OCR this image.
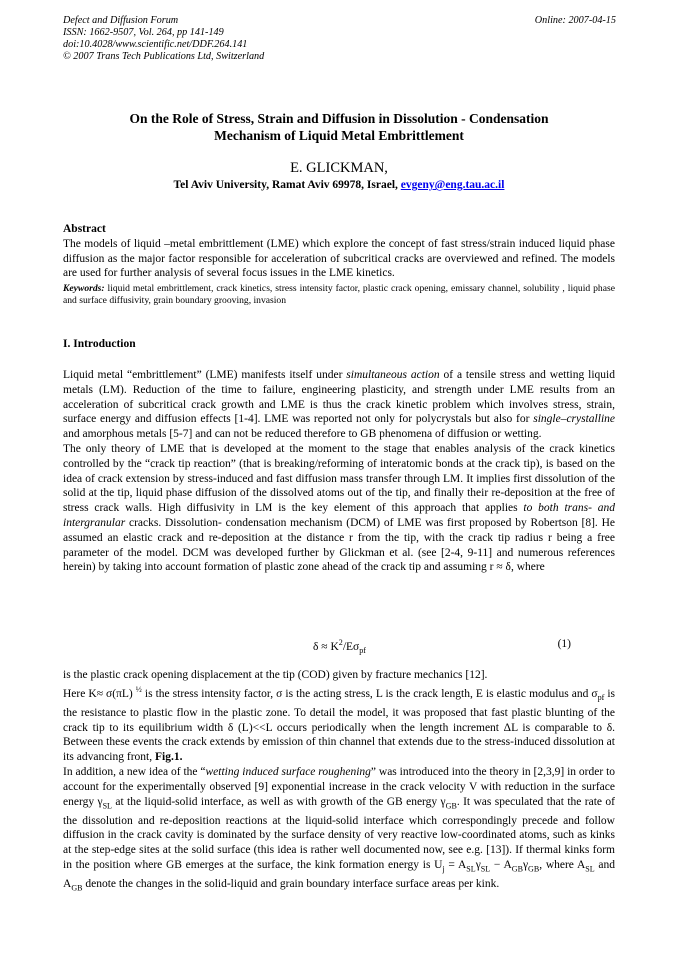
Defect and Diffusion Forum
ISSN: 1662-9507, Vol. 264, pp 141-149
doi:10.4028/www.scientific.net/DDF.264.141
© 2007 Trans Tech Publications Ltd, Switzerland
Online: 2007-04-15
On the Role of Stress, Strain and Diffusion in Dissolution - Condensation
Mechanism of Liquid Metal Embrittlement
E. GLICKMAN,
Tel Aviv University, Ramat Aviv 69978, Israel, evgeny@eng.tau.ac.il
Abstract
The models of liquid –metal embrittlement (LME) which explore the concept of fast stress/strain induced liquid phase diffusion as the major factor responsible for acceleration of subcritical cracks are overviewed and refined. The models are used for further analysis of several focus issues in the LME kinetics.
Keywords: liquid metal embrittlement, crack kinetics, stress intensity factor, plastic crack opening, emissary channel, solubility , liquid phase and surface diffusivity, grain boundary grooving, invasion
I. Introduction
Liquid metal “embrittlement” (LME) manifests itself under simultaneous action of a tensile stress and wetting liquid metals (LM). Reduction of the time to failure, engineering plasticity, and strength under LME results from an acceleration of subcritical crack growth and LME is thus the crack kinetic problem which involves stress, strain, surface energy and diffusion effects [1-4]. LME was reported not only for polycrystals but also for single–crystalline and amorphous metals [5-7] and can not be reduced therefore to GB phenomena of diffusion or wetting.
The only theory of LME that is developed at the moment to the stage that enables analysis of the crack kinetics controlled by the “crack tip reaction” (that is breaking/reforming of interatomic bonds at the crack tip), is based on the idea of crack extension by stress-induced and fast diffusion mass transfer through LM. It implies first dissolution of the solid at the tip, liquid phase diffusion of the dissolved atoms out of the tip, and finally their re-deposition at the free of stress crack walls. High diffusivity in LM is the key element of this approach that applies to both trans- and intergranular cracks. Dissolution- condensation mechanism (DCM) of LME was first proposed by Robertson [8]. He assumed an elastic crack and re-deposition at the distance r from the tip, with the crack tip radius r being a free parameter of the model. DCM was developed further by Glickman et al. (see [2-4, 9-11] and numerous references herein) by taking into account formation of plastic zone ahead of the crack tip and assuming r ≈ δ, where
$\delta \approx K^2/E\sigma_{pf}$
(1)
is the plastic crack opening displacement at the tip (COD) given by fracture mechanics [12].
Here K≈ σ(πL) $^{\frac{1}{2}}$ is the stress intensity factor, σ is the acting stress, L is the crack length, E is elastic modulus and $\sigma_{pf}$ is the resistance to plastic flow in the plastic zone. To detail the model, it was proposed that fast plastic blunting of the crack tip to its equilibrium width δ (L)<<L occurs periodically when the length increment ΔL is comparable to δ. Between these events the crack extends by emission of thin channel that extends due to the stress-induced dissolution at its advancing front, Fig.1.
In addition, a new idea of the “wetting induced surface roughening” was introduced into the theory in [2,3,9] in order to account for the experimentally observed [9] exponential increase in the crack velocity V with reduction in the surface energy $\gamma_{SL}$ at the liquid-solid interface, as well as with growth of the GB energy $\gamma_{GB}$. It was speculated that the rate of the dissolution and re-deposition reactions at the liquid-solid interface which correspondingly precede and follow diffusion in the crack cavity is dominated by the surface density of very reactive low-coordinated atoms, such as kinks at the step-edge sites at the solid surface (this idea is rather well documented now, see e.g. [13]). If thermal kinks form in the position where GB emerges at the surface, the kink formation energy is $U_j = A_{SL}\gamma_{SL} - A_{GB}\gamma_{GB}$, where $A_{SL}$ and $A_{GB}$ denote the changes in the solid-liquid and grain boundary interface surface areas per kink.
